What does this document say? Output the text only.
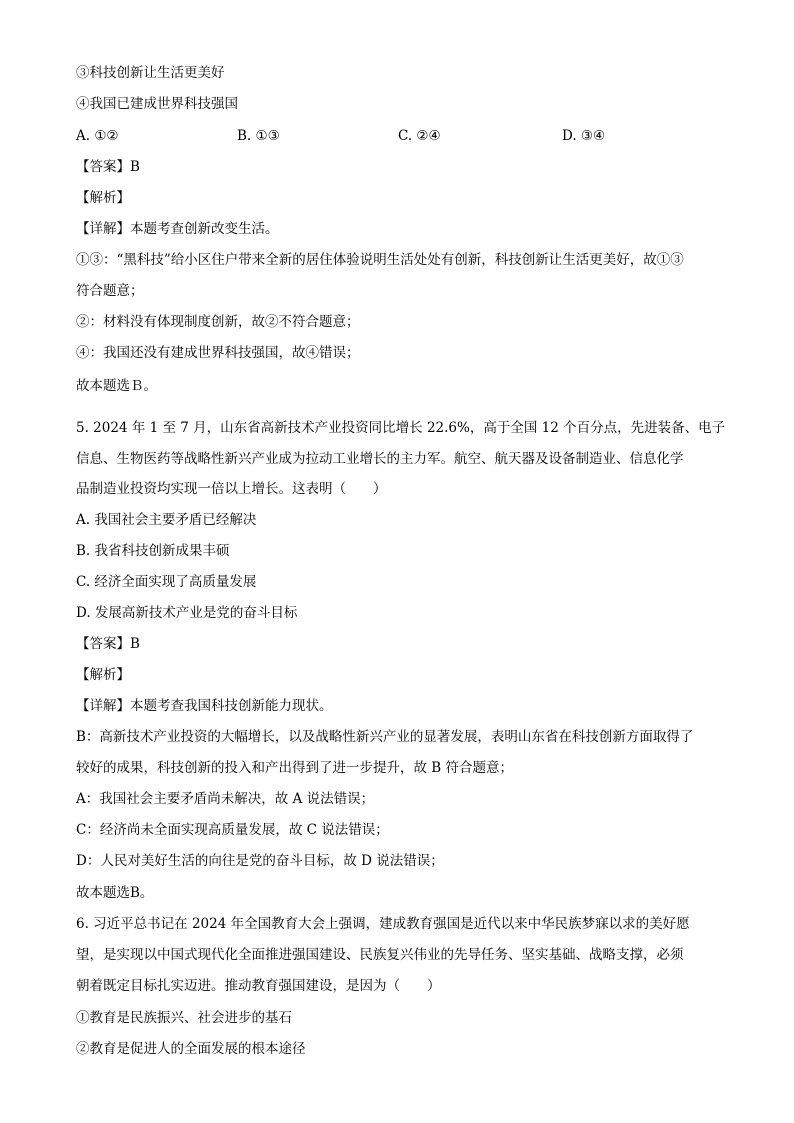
③科技创新让生活更美好
④我国已建成世界科技强国
A. ①②	B. ①③	C. ②④	D. ③④
【答案】B
【解析】
【详解】本题考查创新改变生活。
①③：“黑科技”给小区住户带来全新的居住体验说明生活处处有创新，科技创新让生活更美好，故①③
符合题意；
②：材料没有体现制度创新，故②不符合题意；
④：我国还没有建成世界科技强国，故④错误；
故本题选Ｂ。
5. 2024 年 1 至 7 月，山东省高新技术产业投资同比增长 22.6%，高于全国 12 个百分点，先进装备、电子
信息、生物医药等战略性新兴产业成为拉动工业增长的主力军。航空、航天器及设备制造业、信息化学
品制造业投资均实现一倍以上增长。这表明（　　）
A. 我国社会主要矛盾已经解决
B. 我省科技创新成果丰硕
C. 经济全面实现了高质量发展
D. 发展高新技术产业是党的奋斗目标
【答案】B
【解析】
【详解】本题考查我国科技创新能力现状。
B：高新技术产业投资的大幅增长，以及战略性新兴产业的显著发展，表明山东省在科技创新方面取得了
较好的成果，科技创新的投入和产出得到了进一步提升，故 B 符合题意；
A：我国社会主要矛盾尚未解决，故 A 说法错误；
C：经济尚未全面实现高质量发展，故 C 说法错误；
D：人民对美好生活的向往是党的奋斗目标，故 D 说法错误；
故本题选B。
6. 习近平总书记在 2024 年全国教育大会上强调，建成教育强国是近代以来中华民族梦寐以求的美好愿
望，是实现以中国式现代化全面推进强国建设、民族复兴伟业的先导任务、坚实基础、战略支撑，必须
朝着既定目标扎实迈进。推动教育强国建设，是因为（　　）
①教育是民族振兴、社会进步的基石
②教育是促进人的全面发展的根本途径
